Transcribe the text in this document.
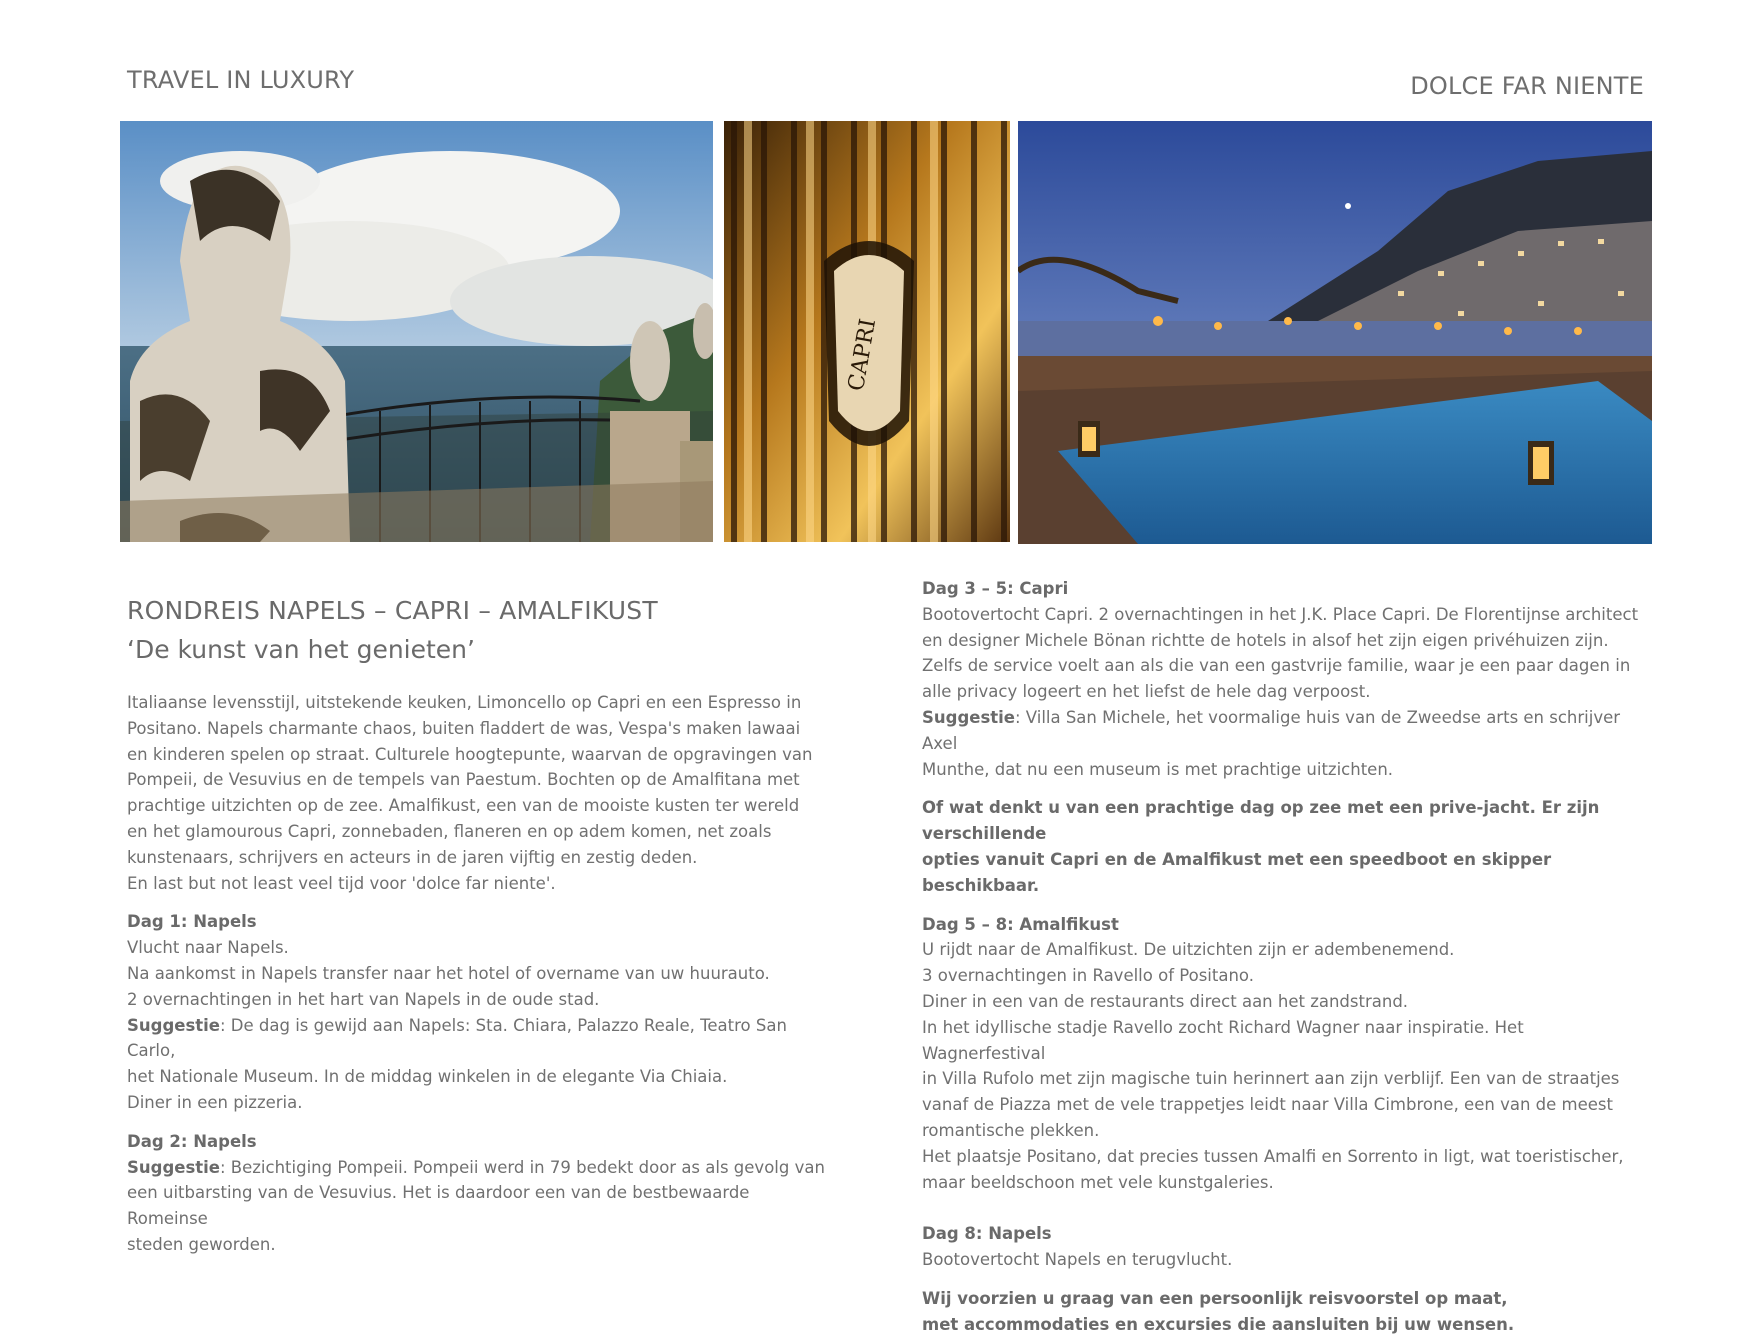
TRAVEL IN LUXURY	DOLCE FAR NIENTE
CAPRI
RONDREIS NAPELS – CAPRI – AMALFIKUST
‘De kunst van het genieten’

Italiaanse levensstijl, uitstekende keuken, Limoncello op Capri en een Espresso in

Positano. Napels charmante chaos, buiten fladdert de was, Vespa's maken lawaai

en kinderen spelen op straat. Culturele hoogtepunte, waarvan de opgravingen van

Pompeii, de Vesuvius en de tempels van Paestum. Bochten op de Amalfitana met

prachtige uitzichten op de zee. Amalfikust, een van de mooiste kusten ter wereld

en het glamourous Capri, zonnebaden, flaneren en op adem komen, net zoals

kunstenaars, schrijvers en acteurs in de jaren vijftig en zestig deden.

En last but not least veel tijd voor 'dolce far niente'.

Dag 1: Napels

Vlucht naar Napels.

Na aankomst in Napels transfer naar het hotel of overname van uw huurauto.

2 overnachtingen in het hart van Napels in de oude stad.

Suggestie: De dag is gewijd aan Napels: Sta. Chiara, Palazzo Reale, Teatro San Carlo,

het Nationale Museum. In de middag winkelen in de elegante Via Chiaia.

Diner in een pizzeria.

Dag 2: Napels

Suggestie: Bezichtiging Pompeii. Pompeii werd in 79 bedekt door as als gevolg van

een uitbarsting van de Vesuvius. Het is daardoor een van de bestbewaarde Romeinse

steden geworden.

Dag 3 – 5: Capri

Bootovertocht Capri. 2 overnachtingen in het J.K. Place Capri. De Florentijnse architect

en designer Michele Bönan richtte de hotels in alsof het zijn eigen privéhuizen zijn.

Zelfs de service voelt aan als die van een gastvrije familie, waar je een paar dagen in

alle privacy logeert en het liefst de hele dag verpoost.

Suggestie: Villa San Michele, het voormalige huis van de Zweedse arts en schrijver Axel

Munthe, dat nu een museum is met prachtige uitzichten.

Of wat denkt u van een prachtige dag op zee met een prive-jacht. Er zijn verschillende

opties vanuit Capri en de Amalfikust met een speedboot en skipper beschikbaar.

Dag 5 – 8: Amalfikust

U rijdt naar de Amalfikust. De uitzichten zijn er adembenemend.

3 overnachtingen in Ravello of Positano.

Diner in een van de restaurants direct aan het zandstrand.

In het idyllische stadje Ravello zocht Richard Wagner naar inspiratie. Het Wagnerfestival

in Villa Rufolo met zijn magische tuin herinnert aan zijn verblijf. Een van de straatjes

vanaf de Piazza met de vele trappetjes leidt naar Villa Cimbrone, een van de meest

romantische plekken.

Het plaatsje Positano, dat precies tussen Amalfi en Sorrento in ligt, wat toeristischer,

maar beeldschoon met vele kunstgaleries.

Dag 8: Napels

Bootovertocht Napels en terugvlucht.

Wij voorzien u graag van een persoonlijk reisvoorstel op maat,

met accommodaties en excursies die aansluiten bij uw wensen.
